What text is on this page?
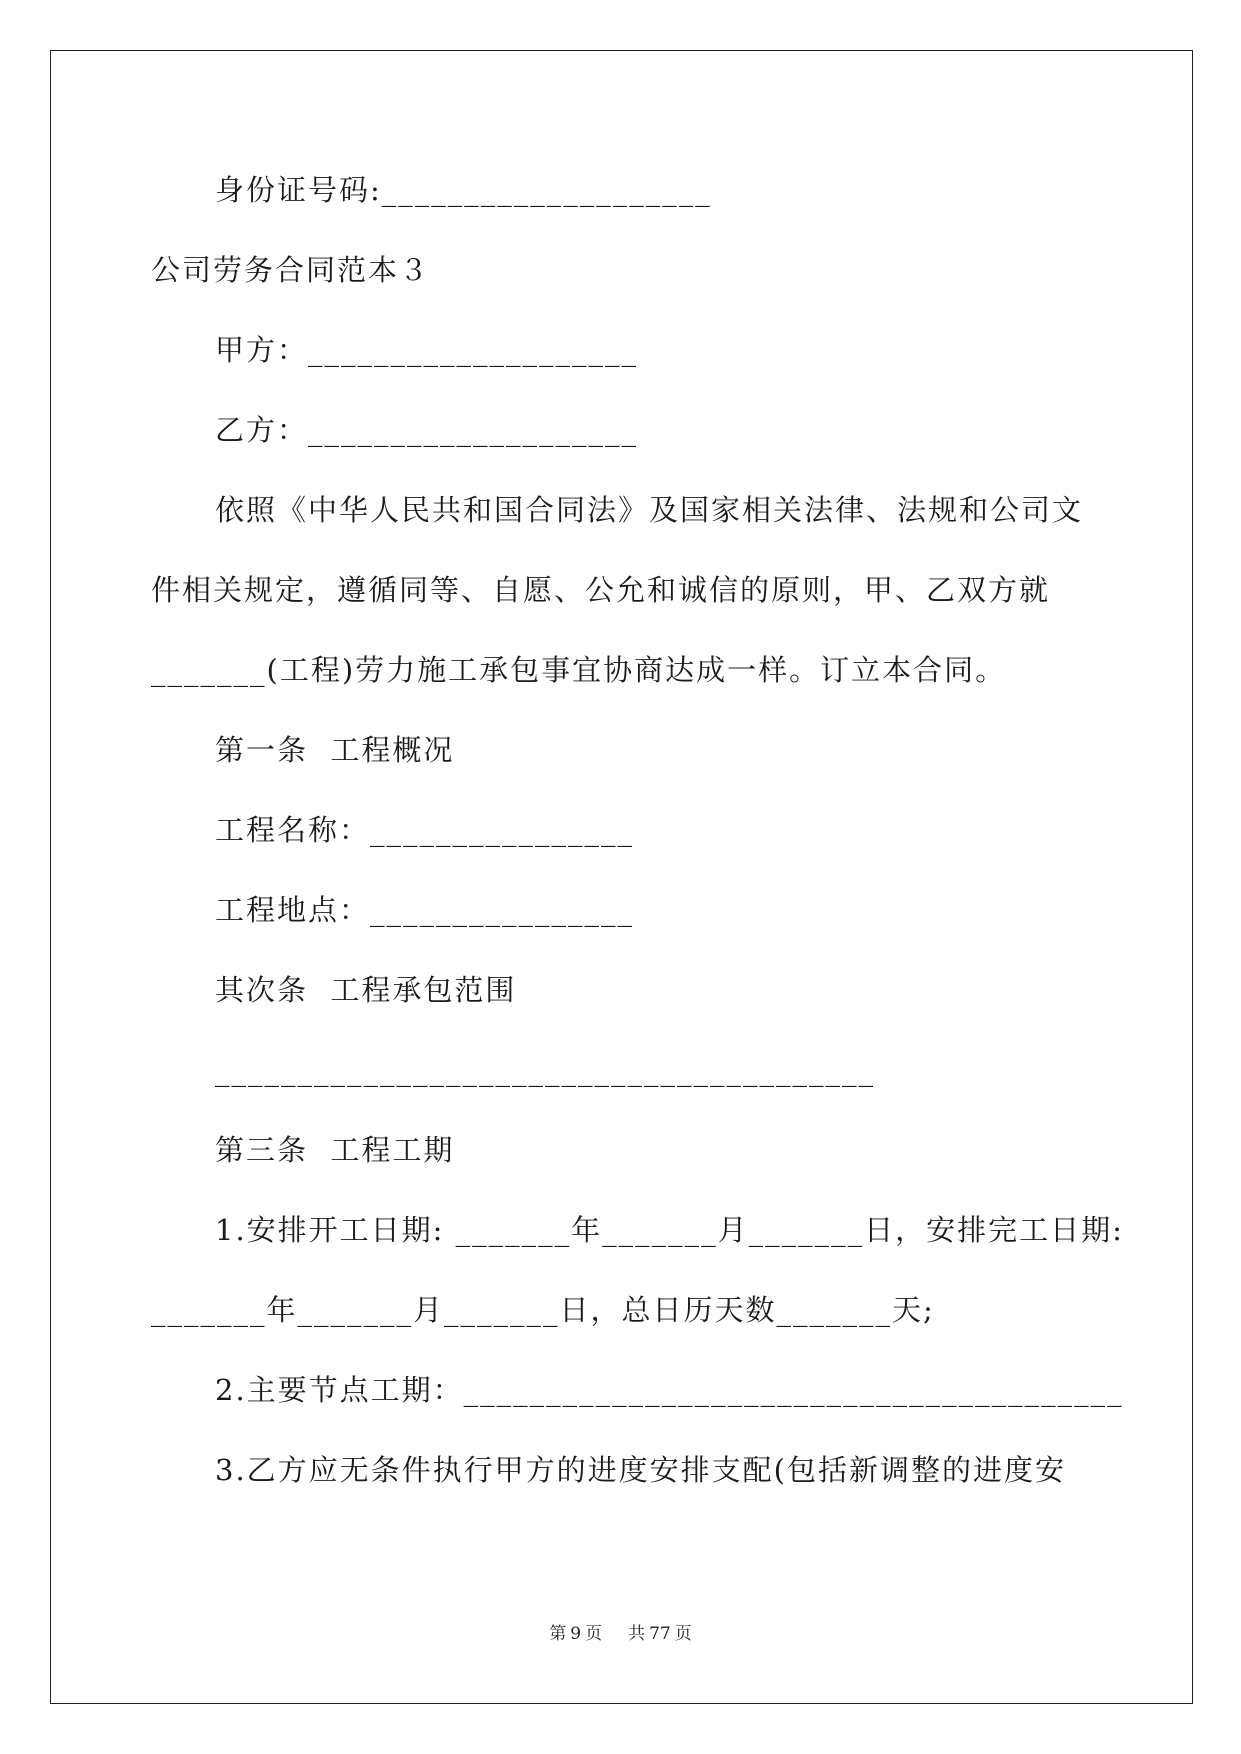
身份证号码:____________________
公司劳务合同范本３
甲方：____________________
乙方：____________________
依照《中华人民共和国合同法》及国家相关法律、法规和公司文
件相关规定，遵循同等、自愿、公允和诚信的原则，甲、乙双方就
_______(工程)劳力施工承包事宜协商达成一样。订立本合同。
第一条  工程概况
工程名称：________________
工程地点：________________
其次条  工程承包范围
________________________________________
第三条  工程工期
1.安排开工日期: _______年_______月_______日，安排完工日期:
_______年_______月_______日，总日历天数_______天;
2.主要节点工期：________________________________________
3.乙方应无条件执行甲方的进度安排支配(包括新调整的进度安
第 9 页 共 77 页
